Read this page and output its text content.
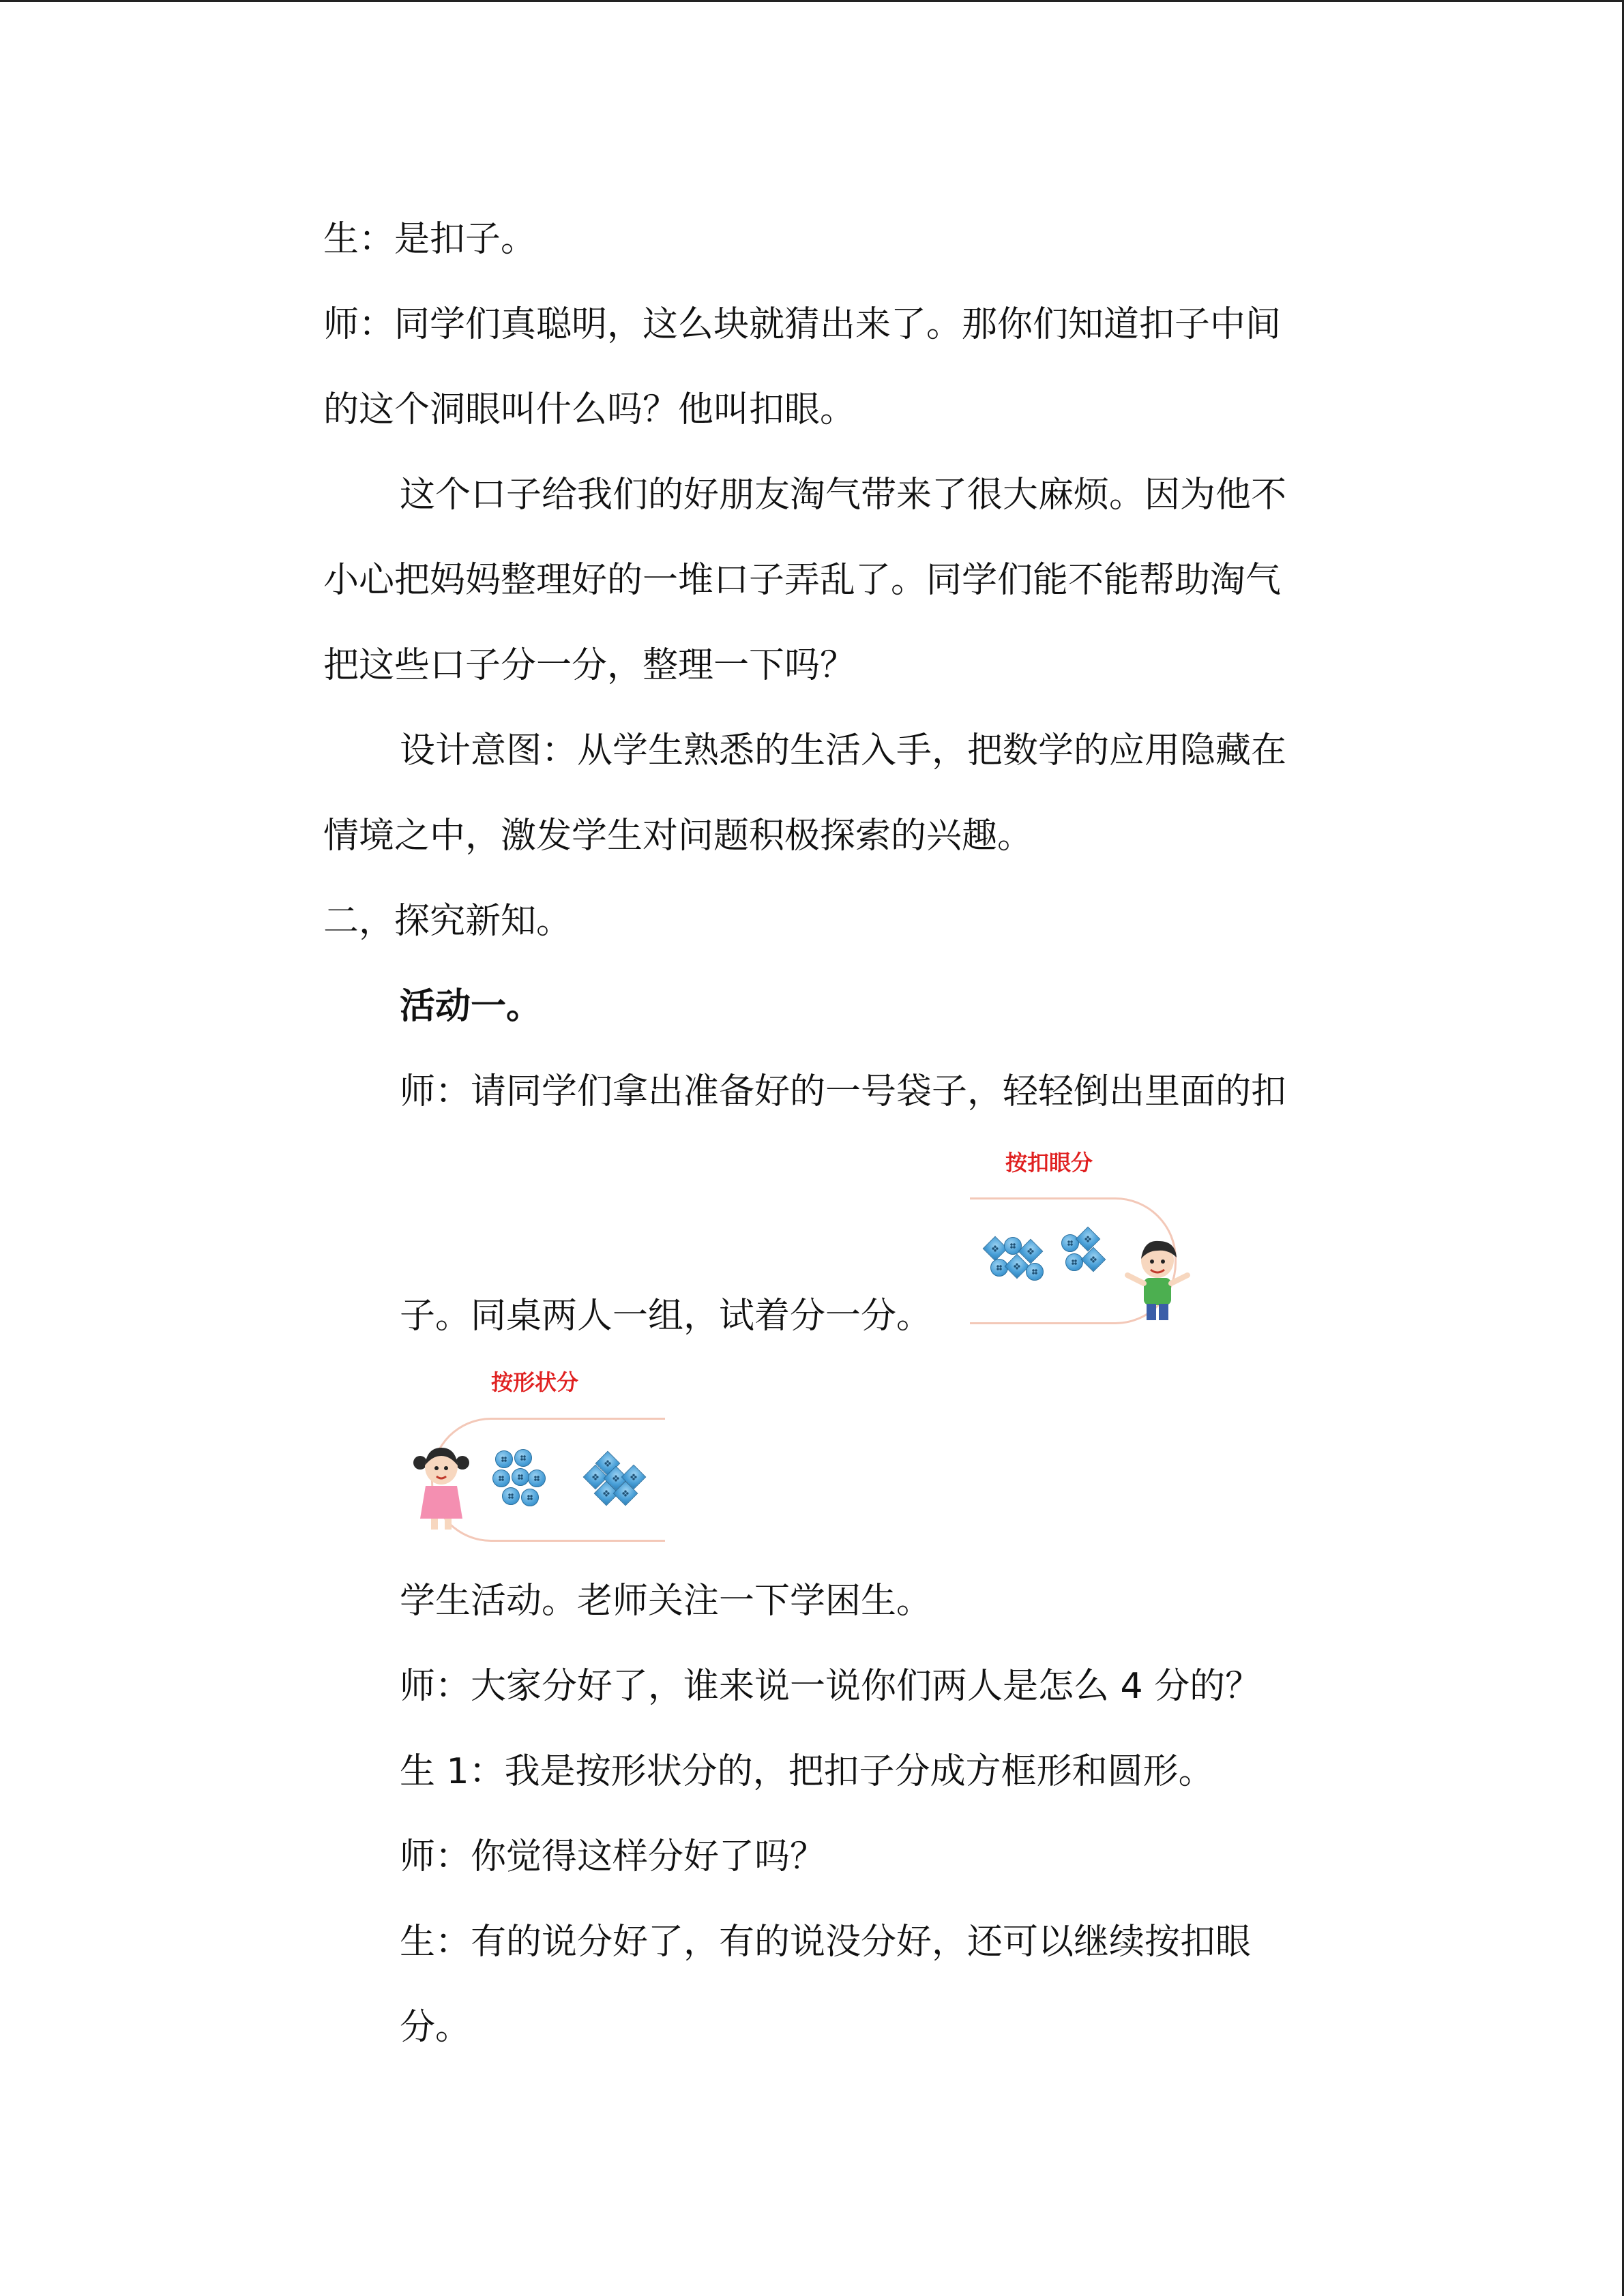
生：是扣子。
师：同学们真聪明，这么块就猜出来了。那你们知道扣子中间
的这个洞眼叫什么吗？他叫扣眼。
这个口子给我们的好朋友淘气带来了很大麻烦。因为他不
小心把妈妈整理好的一堆口子弄乱了。同学们能不能帮助淘气
把这些口子分一分，整理一下吗？
设计意图：从学生熟悉的生活入手，把数学的应用隐藏在
情境之中，激发学生对问题积极探索的兴趣。
二，探究新知。
活动一。
师：请同学们拿出准备好的一号袋子，轻轻倒出里面的扣
子。同桌两人一组，试着分一分。
学生活动。老师关注一下学困生。
师：大家分好了，谁来说一说你们两人是怎么 4 分的？
生 1：我是按形状分的，把扣子分成方框形和圆形。
师：你觉得这样分好了吗？
生：有的说分好了，有的说没分好，还可以继续按扣眼
分。
按扣眼分
按形状分
